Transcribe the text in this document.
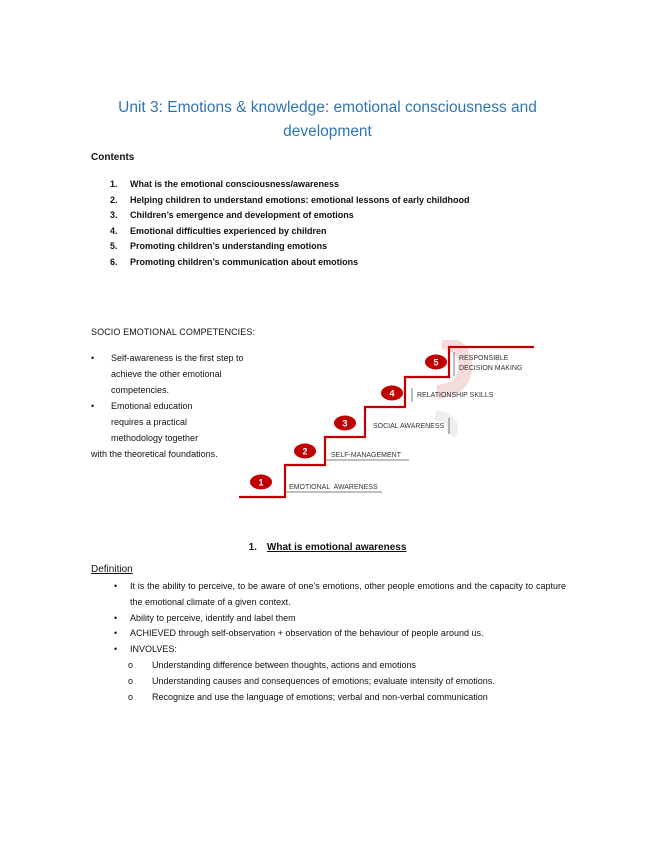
Unit 3: Emotions & knowledge: emotional consciousness and development
Contents
1.	What is the emotional consciousness/awareness
2.	Helping children to understand emotions: emotional lessons of early childhood
3.	Children’s emergence and development of emotions
4.	Emotional difficulties experienced by children
5.	Promoting children’s understanding emotions
6.	Promoting children’s communication about emotions
SOCIO EMOTIONAL COMPETENCIES:
• Self-awareness is the first step to
achieve the other emotional
competencies.
• Emotional education
requires a practical
methodology together
with the theoretical foundations.
1
2
3
4
5
EMOTIONAL  AWARENESS
SELF-MANAGEMENT
SOCIAL AWARENESS
RELATIONSHIP SKILLS
RESPONSIBLE
DECISION MAKING
1. What is emotional awareness
Definition
• It is the ability to perceive, to be aware of one’s emotions, other people emotions and the capacity to capture the emotional climate of a given context.
• Ability to perceive, identify and label them
• ACHIEVED through self-observation + observation of the behaviour of people around us.
• INVOLVES:
o Understanding difference between thoughts, actions and emotions
o Understanding causes and consequences of emotions; evaluate intensity of emotions.
o Recognize and use the language of emotions; verbal and non-verbal communication
